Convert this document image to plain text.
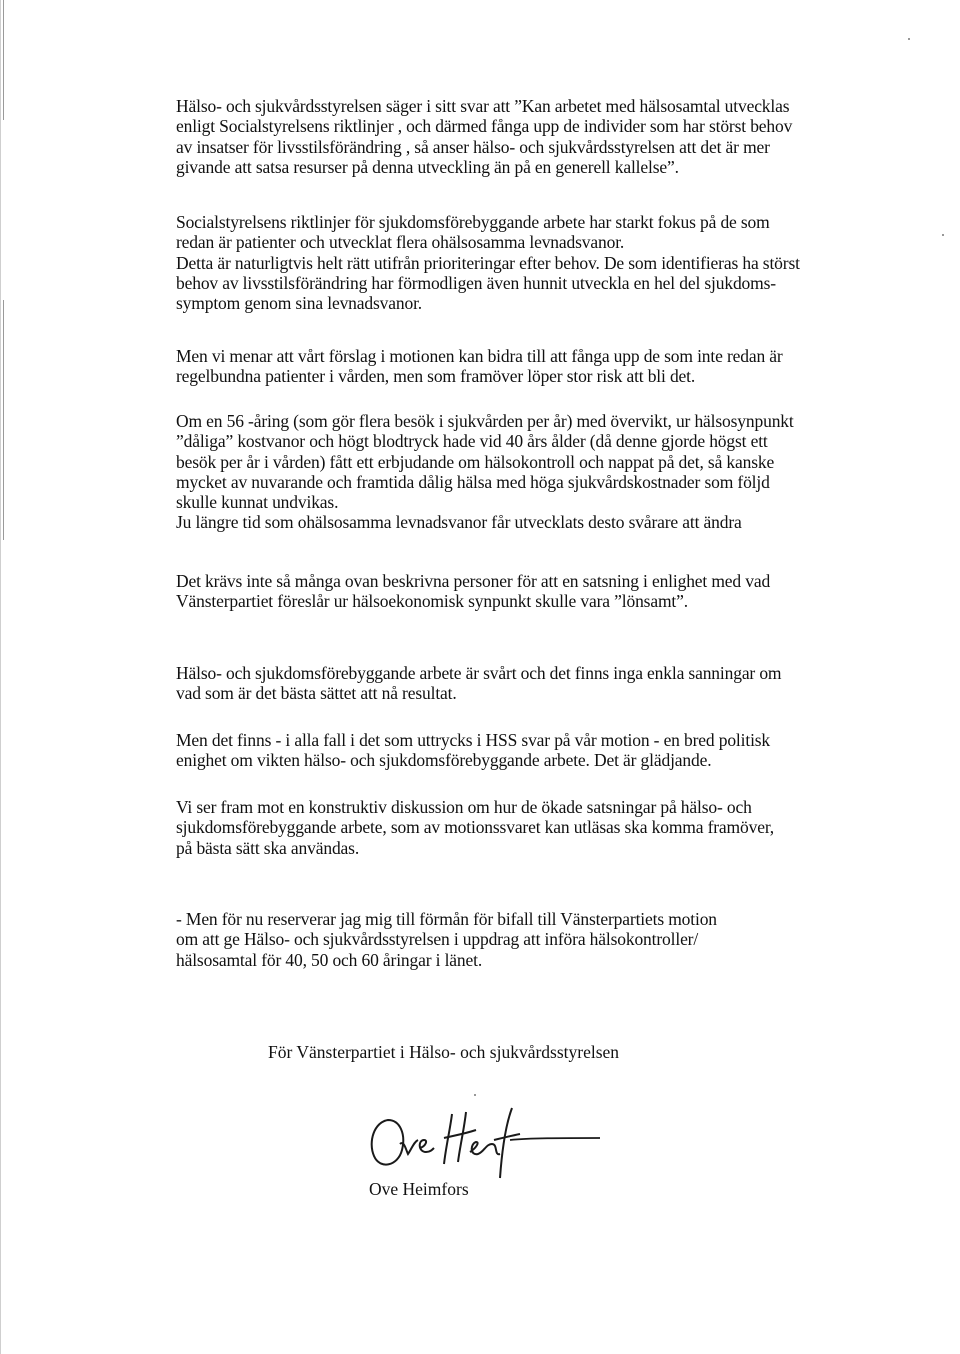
Hälso- och sjukvårdsstyrelsen säger i sitt svar att ”Kan arbetet med hälsosamtal utvecklas
enligt Socialstyrelsens riktlinjer , och därmed fånga upp de individer som har störst behov
av insatser för livsstilsförändring , så anser hälso- och sjukvårdsstyrelsen att det är mer
givande att satsa resurser på denna utveckling än på en generell kallelse”.
Socialstyrelsens riktlinjer för sjukdomsförebyggande arbete har starkt fokus på de som
redan är patienter och utvecklat flera ohälsosamma levnadsvanor.
Detta är naturligtvis helt rätt utifrån prioriteringar efter behov. De som identifieras ha störst
behov av livsstilsförändring har förmodligen även hunnit utveckla en hel del sjukdoms-
symptom genom sina levnadsvanor.
Men vi menar att vårt förslag i motionen kan bidra till att fånga upp de som inte redan är
regelbundna patienter i vården, men som framöver löper stor risk att bli det.
Om en 56 -åring (som gör flera besök i sjukvården per år) med övervikt, ur hälsosynpunkt
”dåliga” kostvanor och högt blodtryck hade vid 40 års ålder (då denne gjorde högst ett
besök per år i vården) fått ett erbjudande om hälsokontroll och nappat på det, så kanske
mycket av nuvarande och framtida dålig hälsa med höga sjukvårdskostnader som följd
skulle kunnat undvikas.
Ju längre tid som ohälsosamma levnadsvanor får utvecklats desto svårare att ändra
Det krävs inte så många ovan beskrivna personer för att en satsning i enlighet med vad
Vänsterpartiet föreslår ur hälsoekonomisk synpunkt skulle vara ”lönsamt”.
Hälso- och sjukdomsförebyggande arbete är svårt och det finns inga enkla sanningar om
vad som är det bästa sättet att nå resultat.
Men det finns - i alla fall i det som uttrycks i HSS svar på vår motion - en bred politisk
enighet om vikten hälso- och sjukdomsförebyggande arbete. Det är glädjande.
Vi ser fram mot en konstruktiv diskussion om hur de ökade satsningar på hälso- och
sjukdomsförebyggande arbete, som av motionssvaret kan utläsas ska komma framöver,
på bästa sätt ska användas.
- Men för nu reserverar jag mig till förmån för bifall till Vänsterpartiets motion
om att ge Hälso- och sjukvårdsstyrelsen i uppdrag att införa hälsokontroller/
hälsosamtal för 40, 50 och 60 åringar i länet.

För Vänsterpartiet i Hälso- och sjukvårdsstyrelsen

Ove Heimfors
